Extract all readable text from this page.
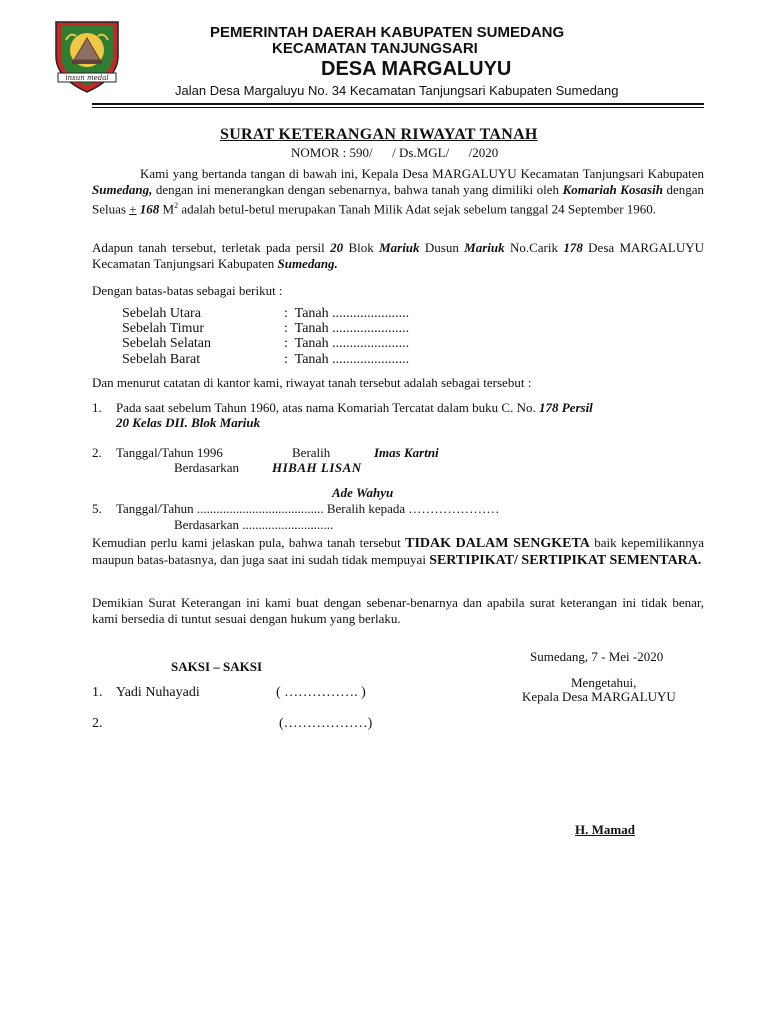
insun medal
PEMERINTAH DAERAH KABUPATEN SUMEDANG
KECAMATAN TANJUNGSARI
DESA MARGALUYU
Jalan Desa Margaluyu No. 34 Kecamatan Tanjungsari Kabupaten Sumedang
SURAT KETERANGAN RIWAYAT TANAH
NOMOR : 590/      / Ds.MGL/      /2020
Kami yang bertanda tangan di bawah ini, Kepala Desa MARGALUYU Kecamatan Tanjungsari Kabupaten Sumedang, dengan ini menerangkan dengan sebenarnya, bahwa tanah yang dimiliki oleh Komariah Kosasih dengan Seluas + 168 $M^2$ adalah betul-betul merupakan Tanah Milik Adat sejak sebelum tanggal 24 September 1960.
Adapun tanah tersebut, terletak pada persil 20 Blok Mariuk Dusun Mariuk No.Carik 178 Desa MARGALUYU Kecamatan Tanjungsari Kabupaten Sumedang.
Dengan batas-batas sebagai berikut :
Sebelah Utara	:  Tanah ......................
Sebelah Timur	:  Tanah ......................
Sebelah Selatan	:  Tanah ......................
Sebelah Barat	:  Tanah ......................
Dan menurut catatan di kantor kami, riwayat tanah tersebut adalah sebagai tersebut :
1. Pada saat sebelum Tahun 1960, atas nama Komariah Tercatat dalam buku C. No. 178 Persil
20 Kelas DII. Blok Mariuk
2. Tanggal/Tahun 1996	Beralih	Imas Kartni
Berdasarkan	HIBAH LISAN
Ade Wahyu
5. Tanggal/Tahun ....................................... Beralih kepada …………………
Berdasarkan ............................
Kemudian perlu kami jelaskan pula, bahwa tanah tersebut TIDAK DALAM SENGKETA baik kepemilikannya maupun batas-batasnya, dan juga saat ini sudah tidak mempuyai SERTIPIKAT/ SERTIPIKAT SEMENTARA.
Demikian Surat Keterangan ini kami buat dengan sebenar-benarnya dan apabila surat keterangan ini tidak benar, kami bersedia di tuntut sesuai dengan hukum yang berlaku.
Sumedang, 7 - Mei -2020
Mengetahui,
Kepala Desa MARGALUYU
H. Mamad
SAKSI – SAKSI
1. Yadi Nuhayadi	( ……………. )
2.	(………………)
